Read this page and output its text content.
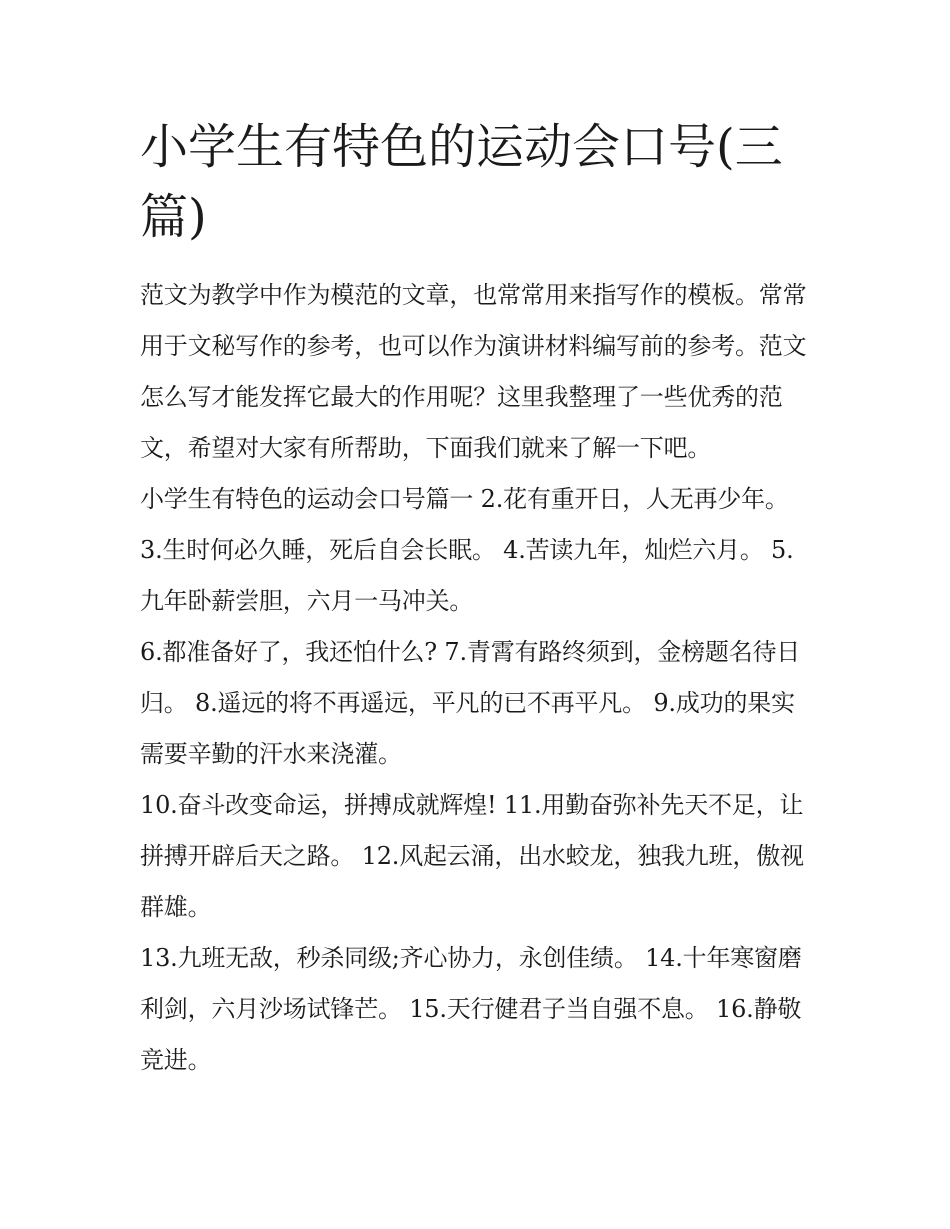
小学生有特色的运动会口号(三篇)

范文为教学中作为模范的文章，也常常用来指写作的模板。常常用于文秘写作的参考，也可以作为演讲材料编写前的参考。范文怎么写才能发挥它最大的作用呢？这里我整理了一些优秀的范文，希望对大家有所帮助，下面我们就来了解一下吧。

小学生有特色的运动会口号篇一 2.花有重开日，人无再少年。 3.生时何必久睡，死后自会长眠。 4.苦读九年，灿烂六月。 5.九年卧薪尝胆，六月一马冲关。

6.都准备好了，我还怕什么? 7.青霄有路终须到，金榜题名待日归。 8.遥远的将不再遥远，平凡的已不再平凡。 9.成功的果实需要辛勤的汗水来浇灌。

10.奋斗改变命运，拼搏成就辉煌! 11.用勤奋弥补先天不足，让拼搏开辟后天之路。 12.风起云涌，出水蛟龙，独我九班，傲视群雄。

13.九班无敌，秒杀同级;齐心协力，永创佳绩。 14.十年寒窗磨利剑，六月沙场试锋芒。 15.天行健君子当自强不息。 16.静敬竞进。
